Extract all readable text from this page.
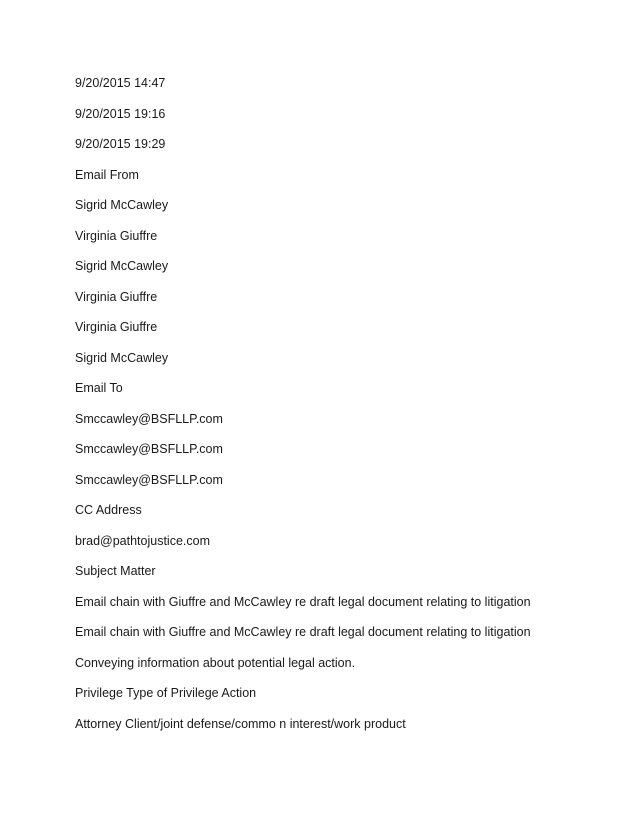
9/20/2015 14:47
9/20/2015 19:16
9/20/2015 19:29
Email From
Sigrid McCawley
Virginia Giuffre
Sigrid McCawley
Virginia Giuffre
Virginia Giuffre
Sigrid McCawley
Email To
Smccawley@BSFLLP.com
Smccawley@BSFLLP.com
Smccawley@BSFLLP.com
CC Address
brad@pathtojustice.com
Subject Matter
Email chain with Giuffre and McCawley re draft legal document relating to litigation
Email chain with Giuffre and McCawley re draft legal document relating to litigation
Conveying information about potential legal action.
Privilege Type of Privilege Action
Attorney Client/joint defense/commo n interest/work product
